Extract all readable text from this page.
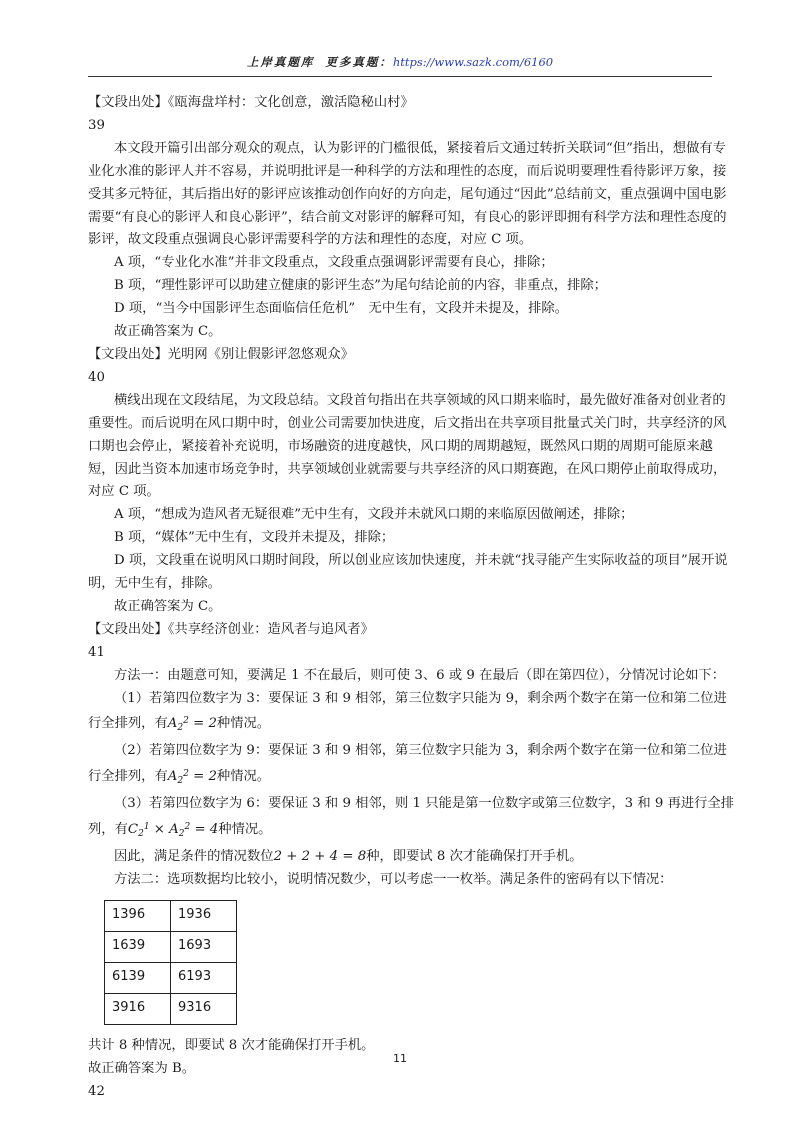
上岸真题库 更多真题：https://www.sazk.com/6160

【文段出处】《瓯海盘垟村：文化创意，激活隐秘山村》

39

本文段开篇引出部分观众的观点，认为影评的门槛很低，紧接着后文通过转折关联词“但”指出，想做有专业化水准的影评人并不容易，并说明批评是一种科学的方法和理性的态度，而后说明要理性看待影评万象，接受其多元特征，其后指出好的影评应该推动创作向好的方向走，尾句通过“因此”总结前文，重点强调中国电影需要“有良心的影评人和良心影评”，结合前文对影评的解释可知，有良心的影评即拥有科学方法和理性态度的影评，故文段重点强调良心影评需要科学的方法和理性的态度，对应 C 项。

A 项，“专业化水准”并非文段重点，文段重点强调影评需要有良心，排除；

B 项，“理性影评可以助建立健康的影评生态”为尾句结论前的内容，非重点，排除；

D 项，“当今中国影评生态面临信任危机”　无中生有，文段并未提及，排除。

故正确答案为 C。

【文段出处】光明网《别让假影评忽悠观众》

40

横线出现在文段结尾，为文段总结。文段首句指出在共享领域的风口期来临时，最先做好准备对创业者的重要性。而后说明在风口期中时，创业公司需要加快进度，后文指出在共享项目批量式关门时，共享经济的风口期也会停止，紧接着补充说明，市场融资的进度越快，风口期的周期越短，既然风口期的周期可能原来越短，因此当资本加速市场竞争时，共享领域创业就需要与共享经济的风口期赛跑，在风口期停止前取得成功，对应 C 项。

A 项，“想成为造风者无疑很难”无中生有，文段并未就风口期的来临原因做阐述，排除；

B 项，“媒体”无中生有，文段并未提及，排除；

D 项，文段重在说明风口期时间段，所以创业应该加快速度，并未就“找寻能产生实际收益的项目”展开说明，无中生有，排除。

故正确答案为 C。

【文段出处】《共享经济创业：造风者与追风者》

41

方法一：由题意可知，要满足 1 不在最后，则可使 3、6 或 9 在最后（即在第四位），分情况讨论如下：

（1）若第四位数字为 3：要保证 3 和 9 相邻，第三位数字只能为 9，剩余两个数字在第一位和第二位进行全排列，有$A_2^2 = 2$种情况。

（2）若第四位数字为 9：要保证 3 和 9 相邻，第三位数字只能为 3，剩余两个数字在第一位和第二位进行全排列，有$A_2^2 = 2$种情况。

（3）若第四位数字为 6：要保证 3 和 9 相邻，则 1 只能是第一位数字或第三位数字，3 和 9 再进行全排列，有$C_2^1 \times A_2^2 = 4$种情况。

因此，满足条件的情况数位2 + 2 + 4 = 8种，即要试 8 次才能确保打开手机。

方法二：选项数据均比较小，说明情况数少，可以考虑一一枚举。满足条件的密码有以下情况：

1396	1936
1639	1693
6139	6193
3916	9316

共计 8 种情况，即要试 8 次才能确保打开手机。

故正确答案为 B。

42

11
